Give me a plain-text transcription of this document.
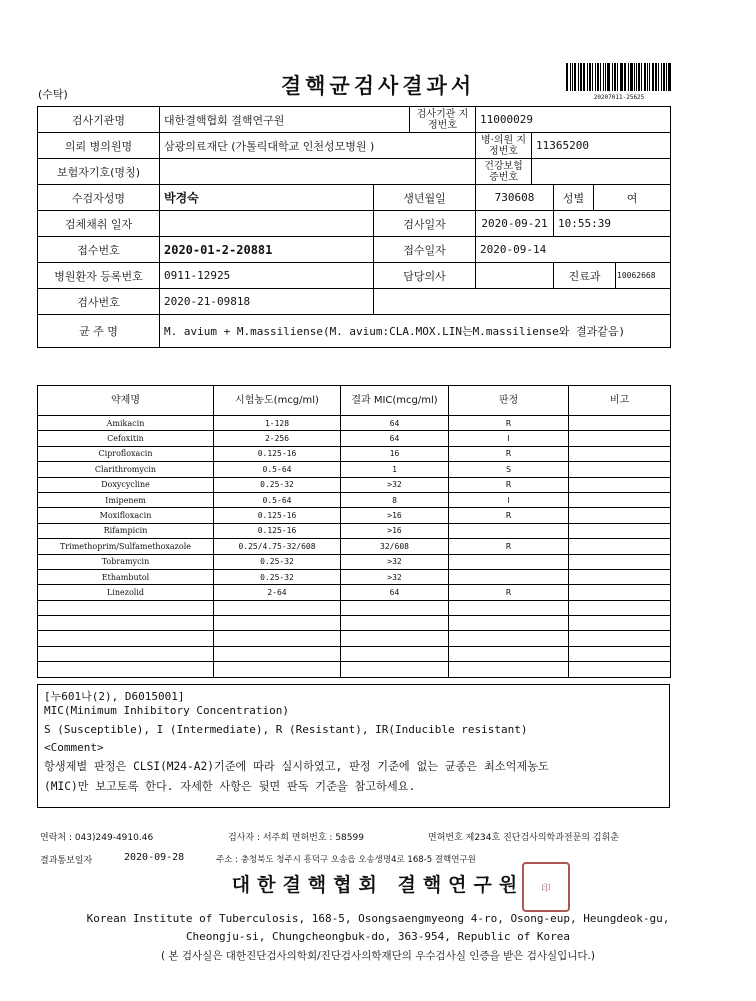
(수탁)	결핵균검사결과서	20207011-25625
검사기관명	대한결핵협회 결핵연구원		검사기관 지정번호	11000029				
의뢰 병의원명	삼광의료재단 (가톨릭대학교 인천성모병원 )			병·의원 지정번호	11365200			
보험자기호(명칭)				건강보험 증번호				
수검자성명	박경숙	생년월일		730608		성별	여	
검체채취 일자		검사일자		2020-09-21		10:55:39		
접수번호	2020-01-2-20881	접수일자		2020-09-14				
병원환자 등록번호	0911-12925	담당의사				진료과		10062668
검사번호	2020-21-09818							
균 주 명	M. avium + M.massiliense(M. avium:CLA.MOX.LIN는M.massiliense와 결과같음)							
약제명	시험농도(mcg/ml)	결과 MIC(mcg/ml)	판정	비고
Amikacin	1-128	64	R	
Cefoxitin	2-256	64	I	
Ciprofloxacin	0.125-16	16	R	
Clarithromycin	0.5-64	1	S	
Doxycycline	0.25-32	>32	R	
Imipenem	0.5-64	8	I	
Moxifloxacin	0.125-16	>16	R	
Rifampicin	0.125-16	>16		
Trimethoprim/Sulfamethoxazole	0.25/4.75-32/608	32/608	R	
Tobramycin	0.25-32	>32		
Ethambutol	0.25-32	>32		
Linezolid	2-64	64	R	

[누601나(2), D6015001]
MIC(Minimum Inhibitory Concentration)
S (Susceptible), I (Intermediate), R (Resistant), IR(Inducible resistant)
<Comment>
항생제별 판정은 CLSI(M24-A2)기준에 따라 실시하였고, 판정 기준에 없는 균종은 최소억제농도
(MIC)만 보고토록 한다. 자세한 사항은 뒷면 판독 기준을 참고하세요.
연락처 : 043)249-4910.46	검사자 : 서주희 면허번호 : 58599	면허번호 제234호 진단검사의학과전문의 김휘춘
결과통보일자	2020-09-28	주소 : 충청북도 청주시 흥덕구 오송읍 오송생명4로 168-5 결핵연구원
대한결핵협회 결핵연구원	印
Korean Institute of Tuberculosis, 168-5, Osongsaengmyeong 4-ro, Osong-eup, Heungdeok-gu,
Cheongju-si, Chungcheongbuk-do, 363-954, Republic of Korea
( 본 검사실은 대한진단검사의학회/진단검사의학재단의 우수검사실 인증을 받은 검사실입니다.)
